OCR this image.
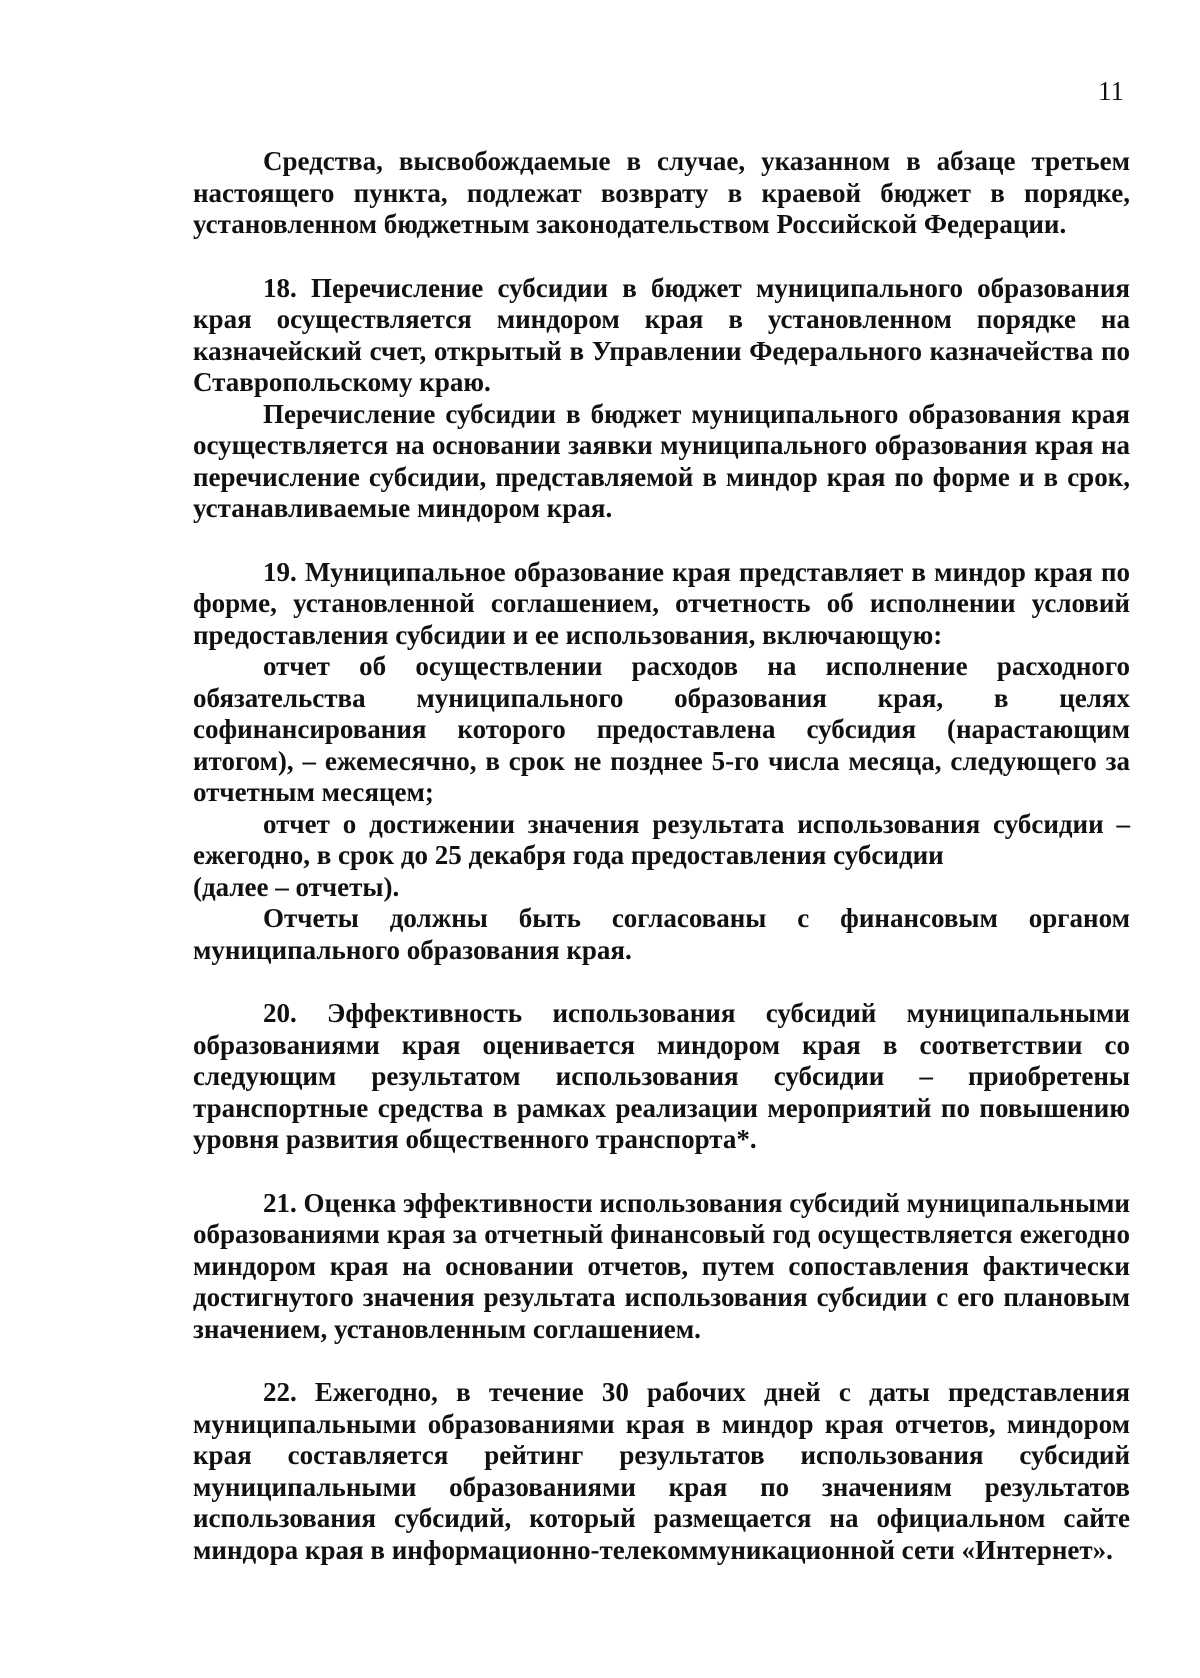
11

Средства, высвобождаемые в случае, указанном в абзаце третьем настоящего пункта, подлежат возврату в краевой бюджет в порядке, установленном бюджетным законодательством Российской Федерации.

18. Перечисление субсидии в бюджет муниципального образования края осуществляется миндором края в установленном порядке на казначейский счет, открытый в Управлении Федерального казначейства по Ставропольскому краю.

Перечисление субсидии в бюджет муниципального образования края осуществляется на основании заявки муниципального образования края на перечисление субсидии, представляемой в миндор края по форме и в срок, устанавливаемые миндором края.

19. Муниципальное образование края представляет в миндор края по форме, установленной соглашением, отчетность об исполнении условий предоставления субсидии и ее использования, включающую:

отчет об осуществлении расходов на исполнение расходного обязательства муниципального образования края, в целях софинансирования которого предоставлена субсидия (нарастающим итогом), – ежемесячно, в срок не позднее 5-го числа месяца, следующего за отчетным месяцем;

отчет о достижении значения результата использования субсидии – ежегодно, в срок до 25 декабря года предоставления субсидии

(далее – отчеты).

Отчеты должны быть согласованы с финансовым органом муниципального образования края.

20. Эффективность использования субсидий муниципальными образованиями края оценивается миндором края в соответствии со следующим результатом использования субсидии – приобретены транспортные средства в рамках реализации мероприятий по повышению уровня развития общественного транспорта*.

21. Оценка эффективности использования субсидий муниципальными образованиями края за отчетный финансовый год осуществляется ежегодно миндором края на основании отчетов, путем сопоставления фактически достигнутого значения результата использования субсидии с его плановым значением, установленным соглашением.

22. Ежегодно, в течение 30 рабочих дней с даты представления муниципальными образованиями края в миндор края отчетов, миндором края составляется рейтинг результатов использования субсидий муниципальными образованиями края по значениям результатов использования субсидий, который размещается на официальном сайте миндора края в информационно-телекоммуникационной сети «Интернет».
